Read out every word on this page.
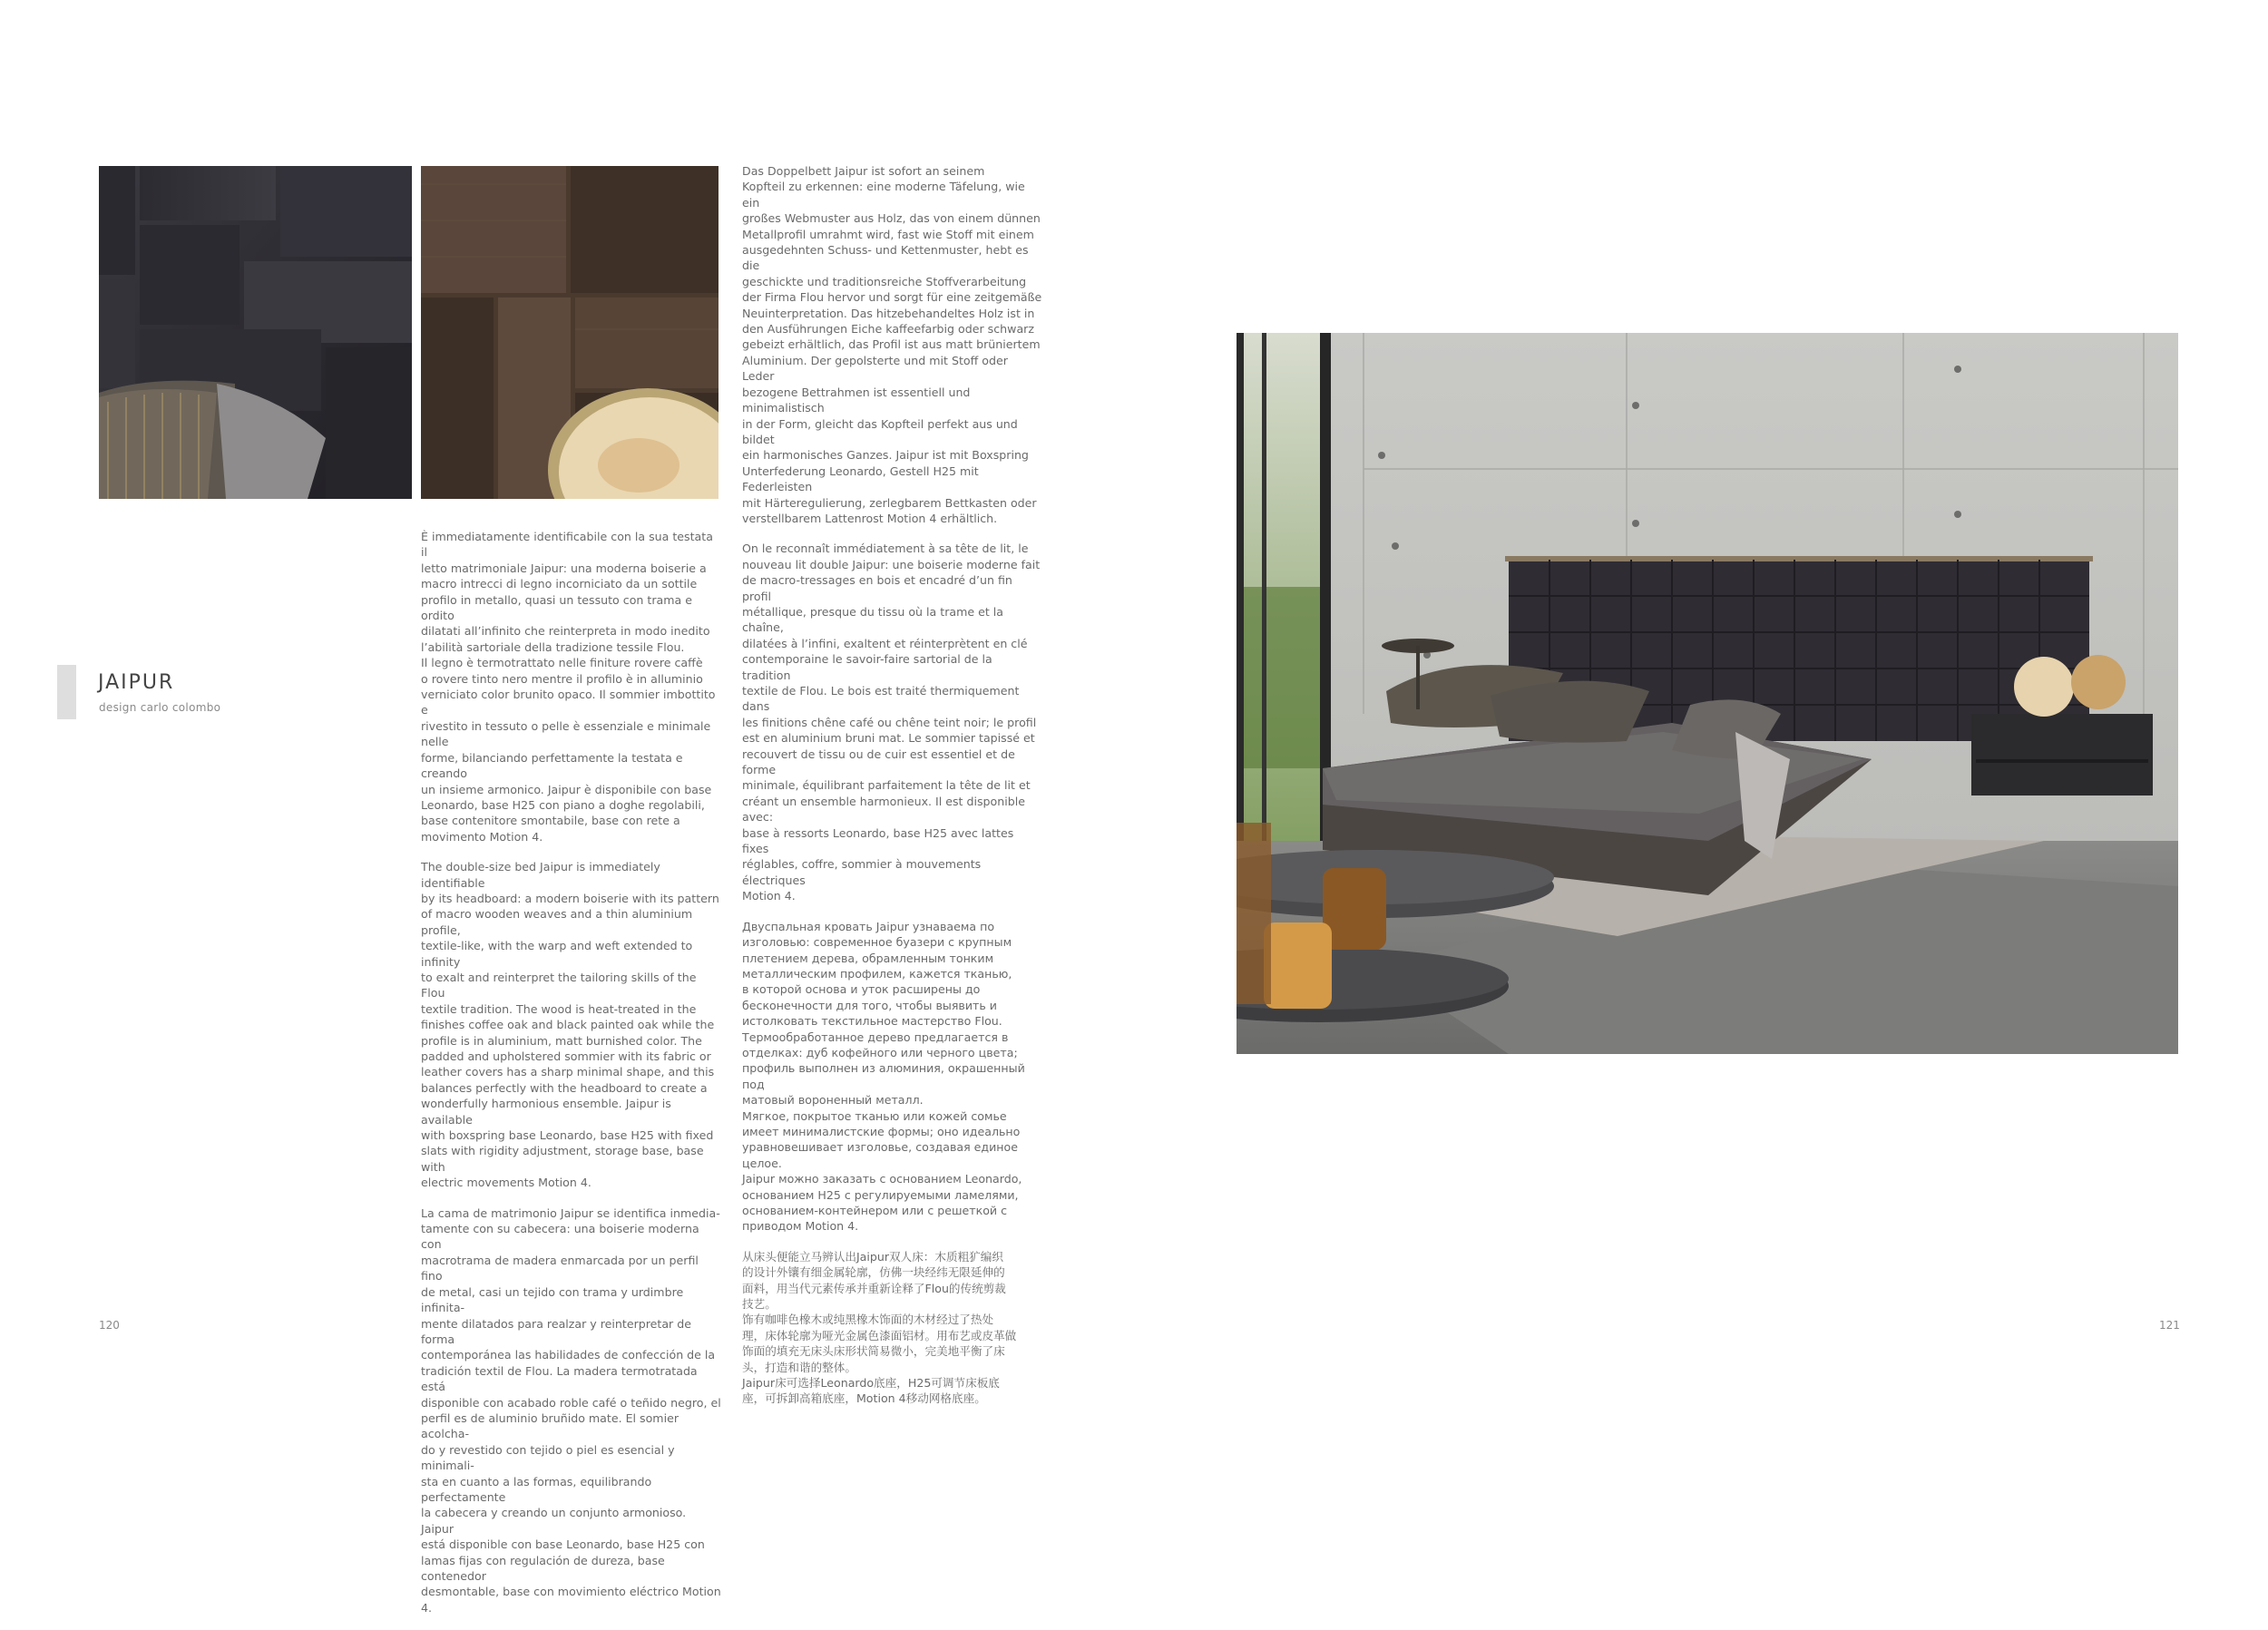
JAIPUR
design carlo colombo

È immediatamente identificabile con la sua testata il
letto matrimoniale Jaipur: una moderna boiserie a
macro intrecci di legno incorniciato da un sottile
profilo in metallo, quasi un tessuto con trama e ordito
dilatati all’infinito che reinterpreta in modo inedito
l’abilità sartoriale della tradizione tessile Flou.
Il legno è termotrattato nelle finiture rovere caffè
o rovere tinto nero mentre il profilo è in alluminio
verniciato color brunito opaco. Il sommier imbottito e
rivestito in tessuto o pelle è essenziale e minimale nelle
forme, bilanciando perfettamente la testata e creando
un insieme armonico. Jaipur è disponibile con base
Leonardo, base H25 con piano a doghe regolabili,
base contenitore smontabile, base con rete a
movimento Motion 4.

The double-size bed Jaipur is immediately identifiable
by its headboard: a modern boiserie with its pattern
of macro wooden weaves and a thin aluminium profile,
textile-like, with the warp and weft extended to infinity
to exalt and reinterpret the tailoring skills of the Flou
textile tradition. The wood is heat-treated in the
finishes coffee oak and black painted oak while the
profile is in aluminium, matt burnished color. The
padded and upholstered sommier with its fabric or
leather covers has a sharp minimal shape, and this
balances perfectly with the headboard to create a
wonderfully harmonious ensemble. Jaipur is available
with boxspring base Leonardo, base H25 with fixed
slats with rigidity adjustment, storage base, base with
electric movements Motion 4.

La cama de matrimonio Jaipur se identifica inmedia-
tamente con su cabecera: una boiserie moderna con
macrotrama de madera enmarcada por un perfil fino
de metal, casi un tejido con trama y urdimbre infinita-
mente dilatados para realzar y reinterpretar de forma
contemporánea las habilidades de confección de la
tradición textil de Flou. La madera termotratada está
disponible con acabado roble café o teñido negro, el
perfil es de aluminio bruñido mate. El somier acolcha-
do y revestido con tejido o piel es esencial y minimali-
sta en cuanto a las formas, equilibrando perfectamente
la cabecera y creando un conjunto armonioso. Jaipur
está disponible con base Leonardo, base H25 con
lamas fijas con regulación de dureza, base contenedor
desmontable, base con movimiento eléctrico Motion 4.

Das Doppelbett Jaipur ist sofort an seinem
Kopfteil zu erkennen: eine moderne Täfelung, wie ein
großes Webmuster aus Holz, das von einem dünnen
Metallprofil umrahmt wird, fast wie Stoff mit einem
ausgedehnten Schuss- und Kettenmuster, hebt es die
geschickte und traditionsreiche Stoffverarbeitung
der Firma Flou hervor und sorgt für eine zeitgemäße
Neuinterpretation. Das hitzebehandeltes Holz ist in
den Ausführungen Eiche kaffeefarbig oder schwarz
gebeizt erhältlich, das Profil ist aus matt brüniertem
Aluminium. Der gepolsterte und mit Stoff oder Leder
bezogene Bettrahmen ist essentiell und minimalistisch
in der Form, gleicht das Kopfteil perfekt aus und bildet
ein harmonisches Ganzes. Jaipur ist mit Boxspring
Unterfederung Leonardo, Gestell H25 mit Federleisten
mit Härteregulierung, zerlegbarem Bettkasten oder
verstellbarem Lattenrost Motion 4 erhältlich.

On le reconnaît immédiatement à sa tête de lit, le
nouveau lit double Jaipur: une boiserie moderne fait
de macro-tressages en bois et encadré d’un fin profil
métallique, presque du tissu où la trame et la chaîne,
dilatées à l’infini, exaltent et réinterprètent en clé
contemporaine le savoir-faire sartorial de la tradition
textile de Flou. Le bois est traité thermiquement dans
les finitions chêne café ou chêne teint noir; le profil
est en aluminium bruni mat. Le sommier tapissé et
recouvert de tissu ou de cuir est essentiel et de forme
minimale, équilibrant parfaitement la tête de lit et
créant un ensemble harmonieux. Il est disponible avec:
base à ressorts Leonardo, base H25 avec lattes fixes
réglables, coffre, sommier à mouvements électriques
Motion 4.

Двуспальная кровать Jaipur узнаваема по
изголовью: современное буазери с крупным
плетением дерева, обрамленным тонким
металлическим профилем, кажется тканью,
в которой основа и уток расширены до
бесконечности для того, чтобы выявить и
истолковать текстильное мастерство Flou.
Термообработанное дерево предлагается в
отделках: дуб кофейного или черного цвета;
профиль выполнен из алюминия, окрашенный под
матовый вороненный металл.
Мягкое, покрытое тканью или кожей сомье
имеет минималистские формы; оно идеально
уравновешивает изголовье, создавая единое
целое.
Jaipur можно заказать с основанием Leonardo,
основанием H25 с регулируемыми ламелями,
основанием-контейнером или с решеткой с
приводом Motion 4.

从床头便能立马辨认出Jaipur双人床：木质粗犷编织
的设计外镶有细金属轮廓，仿佛一块经纬无限延伸的
面料，用当代元素传承并重新诠释了Flou的传统剪裁
技艺。
饰有咖啡色橡木或纯黑橡木饰面的木材经过了热处
理，床体轮廓为哑光金属色漆面铝材。用布艺或皮革做
饰面的填充无床头床形状简易微小，完美地平衡了床
头，打造和谐的整体。
Jaipur床可选择Leonardo底座，H25可调节床板底
座，可拆卸高箱底座，Motion 4移动网格底座。

120	121
